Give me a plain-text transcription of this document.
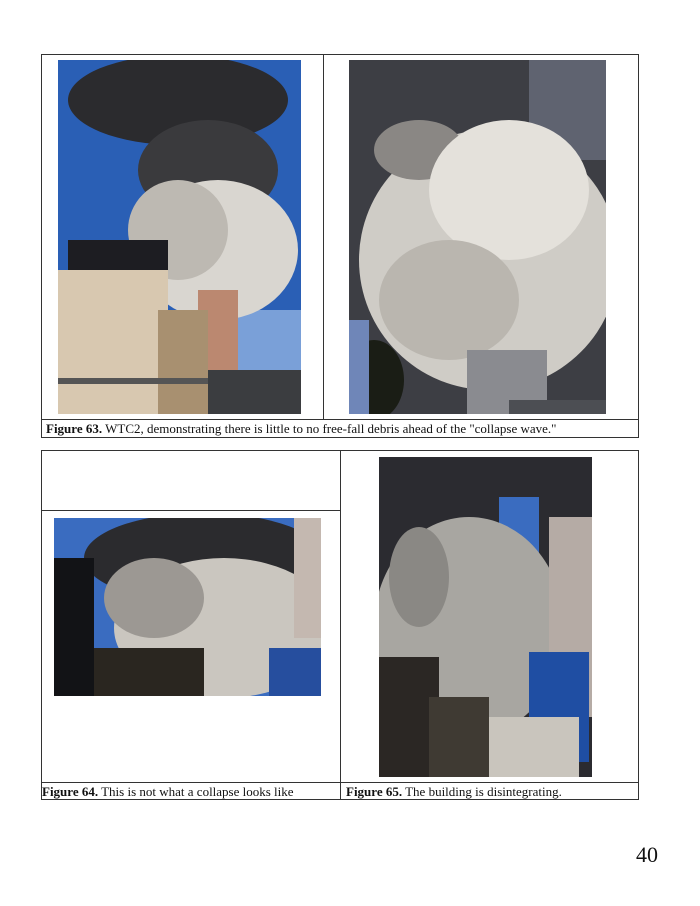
Figure 63. WTC2, demonstrating there is little to no free-fall debris ahead of the "collapse wave."
Figure 64. This is not what a collapse looks like	Figure 65. The building is disintegrating.
40
